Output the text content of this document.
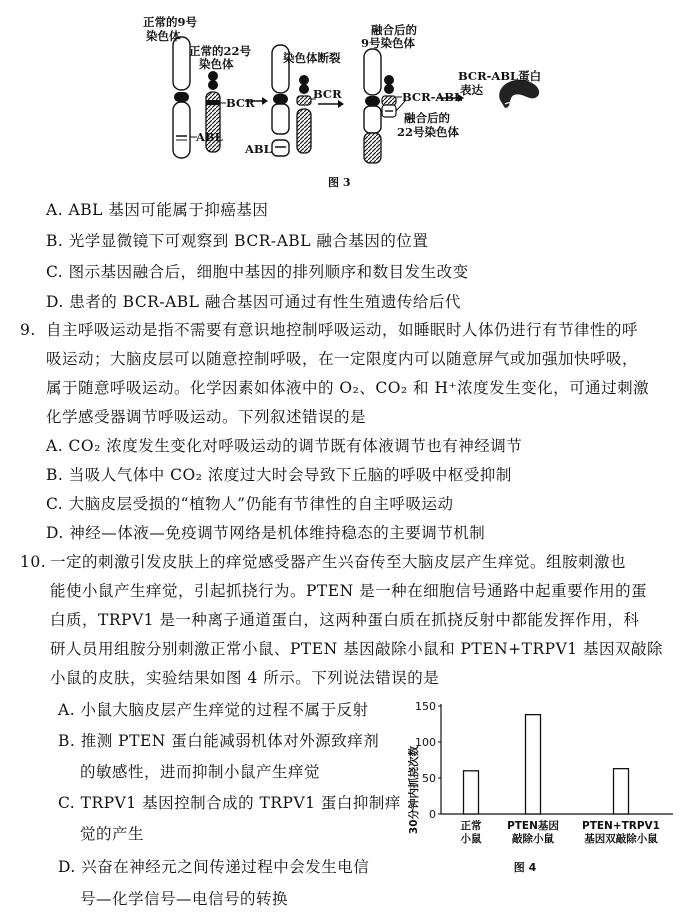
正常的9号
染色体
正常的22号
染色体
BCR
ABL
染色体断裂
BCR
ABL
融合后的
9号染色体
BCR-ABL
融合后的
22号染色体
BCR-ABL蛋白
表达
图 3
A. ABL 基因可能属于抑癌基因
B. 光学显微镜下可观察到 BCR-ABL 融合基因的位置
C. 图示基因融合后，细胞中基因的排列顺序和数目发生改变
D. 患者的 BCR-ABL 融合基因可通过有性生殖遗传给后代
9. 自主呼吸运动是指不需要有意识地控制呼吸运动，如睡眠时人体仍进行有节律性的呼
吸运动；大脑皮层可以随意控制呼吸，在一定限度内可以随意屏气或加强加快呼吸，
属于随意呼吸运动。化学因素如体液中的 O₂、CO₂ 和 H⁺浓度发生变化，可通过刺激
化学感受器调节呼吸运动。下列叙述错误的是
A. CO₂ 浓度发生变化对呼吸运动的调节既有体液调节也有神经调节
B. 当吸人气体中 CO₂ 浓度过大时会导致下丘脑的呼吸中枢受抑制
C. 大脑皮层受损的“植物人”仍能有节律性的自主呼吸运动
D. 神经—体液—免疫调节网络是机体维持稳态的主要调节机制
10. 一定的刺激引发皮肤上的痒觉感受器产生兴奋传至大脑皮层产生痒觉。组胺刺激也
能使小鼠产生痒觉，引起抓挠行为。PTEN 是一种在细胞信号通路中起重要作用的蛋
白质，TRPV1 是一种离子通道蛋白，这两种蛋白质在抓挠反射中都能发挥作用，科
研人员用组胺分别刺激正常小鼠、PTEN 基因敲除小鼠和 PTEN+TRPV1 基因双敲除
小鼠的皮肤，实验结果如图 4 所示。下列说法错误的是
A. 小鼠大脑皮层产生痒觉的过程不属于反射
B. 推测 PTEN 蛋白能减弱机体对外源致痒剂
的敏感性，进而抑制小鼠产生痒觉
C. TRPV1 基因控制合成的 TRPV1 蛋白抑制痒
觉的产生
D. 兴奋在神经元之间传递过程中会发生电信
号—化学信号—电信号的转换
0
50
100
150
正常
小鼠
PTEN基因
敲除小鼠
PTEN+TRPV1
基因双敲除小鼠
30分钟内抓挠次数
图 4
